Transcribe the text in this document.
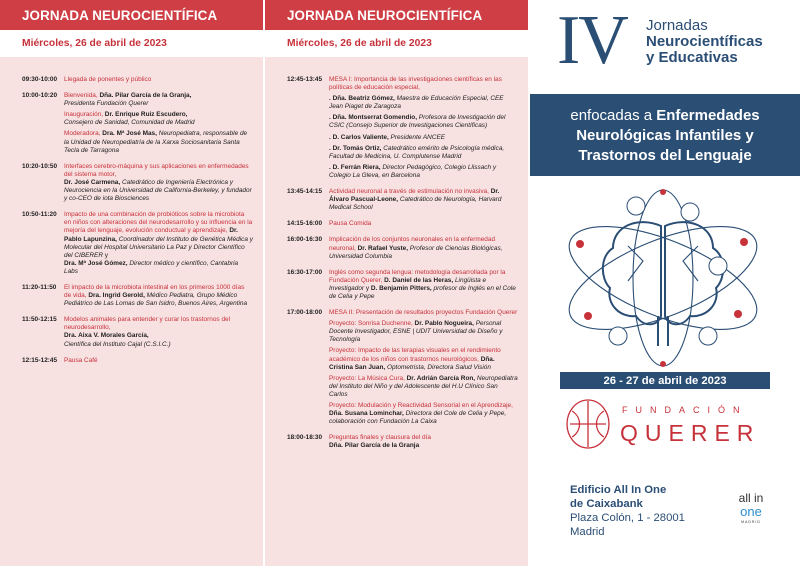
JORNADA NEUROCIENTÍFICA
Miércoles, 26 de abril de 2023
09:30-10:00	Llegada de ponentes y público
10:00-10:20	Bienvenida, Dña. Pilar García de la Granja,
Presidenta Fundación Querer
Inauguración, Dr. Enrique Ruiz Escudero,
Consejero de Sanidad, Comunidad de Madrid
Moderadora, Dra. Mª José Mas, Neuropediatra, responsable de la Unidad de Neuropediatría de la Xarxa Sociosanitaria Santa Tecla de Tarragona
10:20-10:50	Interfaces cerebro-máquina y sus aplicaciones en enfermedades del sistema motor,
Dr. José Carmena, Catedrático de Ingeniería Electrónica y Neurociencia en la Universidad de California-Berkeley, y fundador y co-CEO de iota Biosciences
10:50-11:20	Impacto de una combinación de probióticos sobre la microbiota en niños con alteraciones del neurodesarrollo y su influencia en la mejoría del lenguaje, evolución conductual y aprendizaje, Dr. Pablo Lapunzina, Coordinador del Instituto de Genética Médica y Molecular del Hospital Universitario La Paz y Director Científico del CIBERER y
Dra. Mª José Gómez, Director médico y científico, Cantabria Labs
11:20-11:50	El impacto de la microbiota intestinal en los primeros 1000 días de vida, Dra. Ingrid Gerold, Médico Pediatra, Grupo Médico Pediátrico de Las Lomas de San Isidro, Buenos Aires, Argentina
11:50-12:15	Modelos animales para entender y curar los trastornos del neurodesarrollo,
Dra. Aixa V. Morales García,
Científica del Instituto Cajal (C.S.I.C.)
12:15-12:45	Pausa Café
JORNADA NEUROCIENTÍFICA
Miércoles, 26 de abril de 2023
12:45-13:45	MESA I: Importancia de las investigaciones científicas en las políticas de educación especial,
. Dña. Beatriz Gómez, Maestra de Educación Especial, CEE Jean Piaget de Zaragoza
. Dña. Montserrat Gomendio, Profesora de Investigación del CSIC (Consejo Superior de Investigaciones Científicas)
. D. Carlos Valiente, Presidente ANCEE
. Dr. Tomás Ortiz, Catedrático emérito de Psicología médica, Facultad de Medicina, U. Complutense Madrid
. D. Ferrán Riera, Director Pedagógico, Colegio Llissach y Colegio La Gleva, en Barcelona
13:45-14:15	Actividad neuronal a través de estimulación no invasiva, Dr. Álvaro Pascual-Leone, Catedrático de Neurología, Harvard Medical School
14:15-16:00	Pausa Comida
16:00-16:30	Implicación de los conjuntos neuronales en la enfermedad neuronal, Dr. Rafael Yuste, Profesor de Ciencias Biológicas, Universidad Columbia
16:30-17:00	Inglés como segunda lengua: metodología desarrollada por la Fundación Querer, D. Daniel de las Heras, Lingüista e Investigador y D. Benjamin Pitters, profesor de Inglés en el Cole de Celia y Pepe
17:00-18:00	MESA II: Presentación de resultados proyectos Fundación Querer
Proyecto: Sonrisa Duchenne, Dr. Pablo Nogueira, Personal Docente Investigador, ESNE | UDIT Universidad de Diseño y Tecnología
Proyecto: Impacto de las terapias visuales en el rendimiento académico de los niños con trastornos neurológicos, Dña. Cristina San Juan, Optometrista, Directora Salud Visión
Proyecto: La Música Cura, Dr. Adrián García Ron, Neuropediatra del Instituto del Niño y del Adolescente del H.U Clínico San Carlos
Proyecto: Modulación y Reactividad Sensorial en el Aprendizaje, Dña. Susana Lominchar, Directora del Cole de Celia y Pepe, colaboración con Fundación La Caixa
18:00-18:30	Preguntas finales y clausura del día
Dña. Pilar García de la Granja
IV Jornadas
Neurocientíficas
y Educativas
enfocadas a Enfermedades
Neurológicas Infantiles y
Trastornos del Lenguaje
26 - 27 de abril de 2023
FUNDACIÓN
QUERER
Edificio All In One
de Caixabank
Plaza Colón, 1 - 28001
Madrid
all in
one
MADRID
